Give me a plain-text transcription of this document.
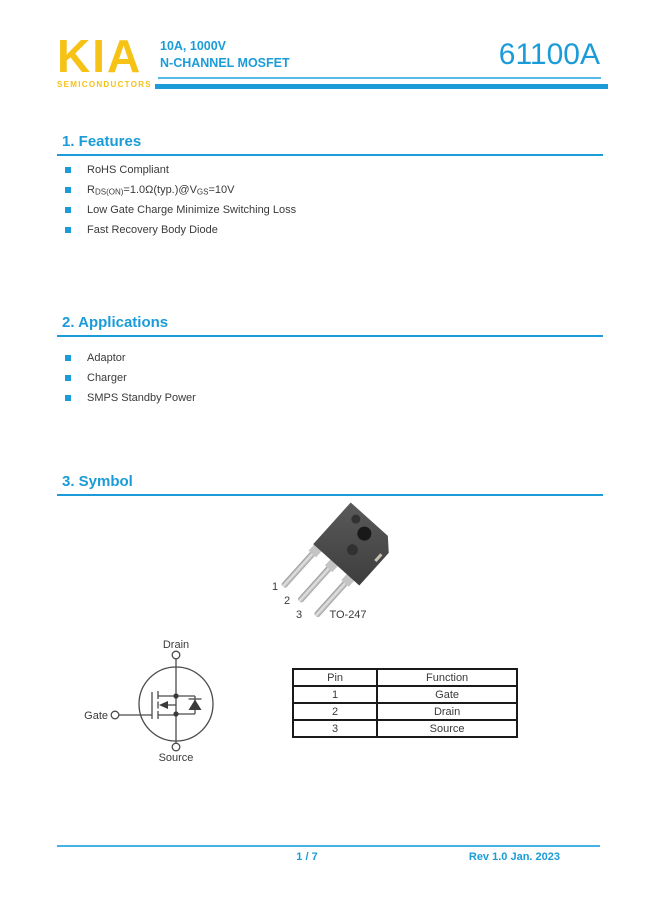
KIA
SEMICONDUCTORS
10A, 1000V
N-CHANNEL MOSFET	61100A
1. Features
RoHS Compliant
$R_{DS(ON)}=1.0\Omega(typ.)@V_{GS}=10V$
Low Gate Charge Minimize Switching Loss
Fast Recovery Body Diode
2. Applications
Adaptor
Charger
SMPS Standby Power
3. Symbol
1
2
3 TO-247
Drain
Gate
Source
Pin	Function
1	Gate
2	Drain
3	Source
1 / 7	Rev 1.0 Jan. 2023
